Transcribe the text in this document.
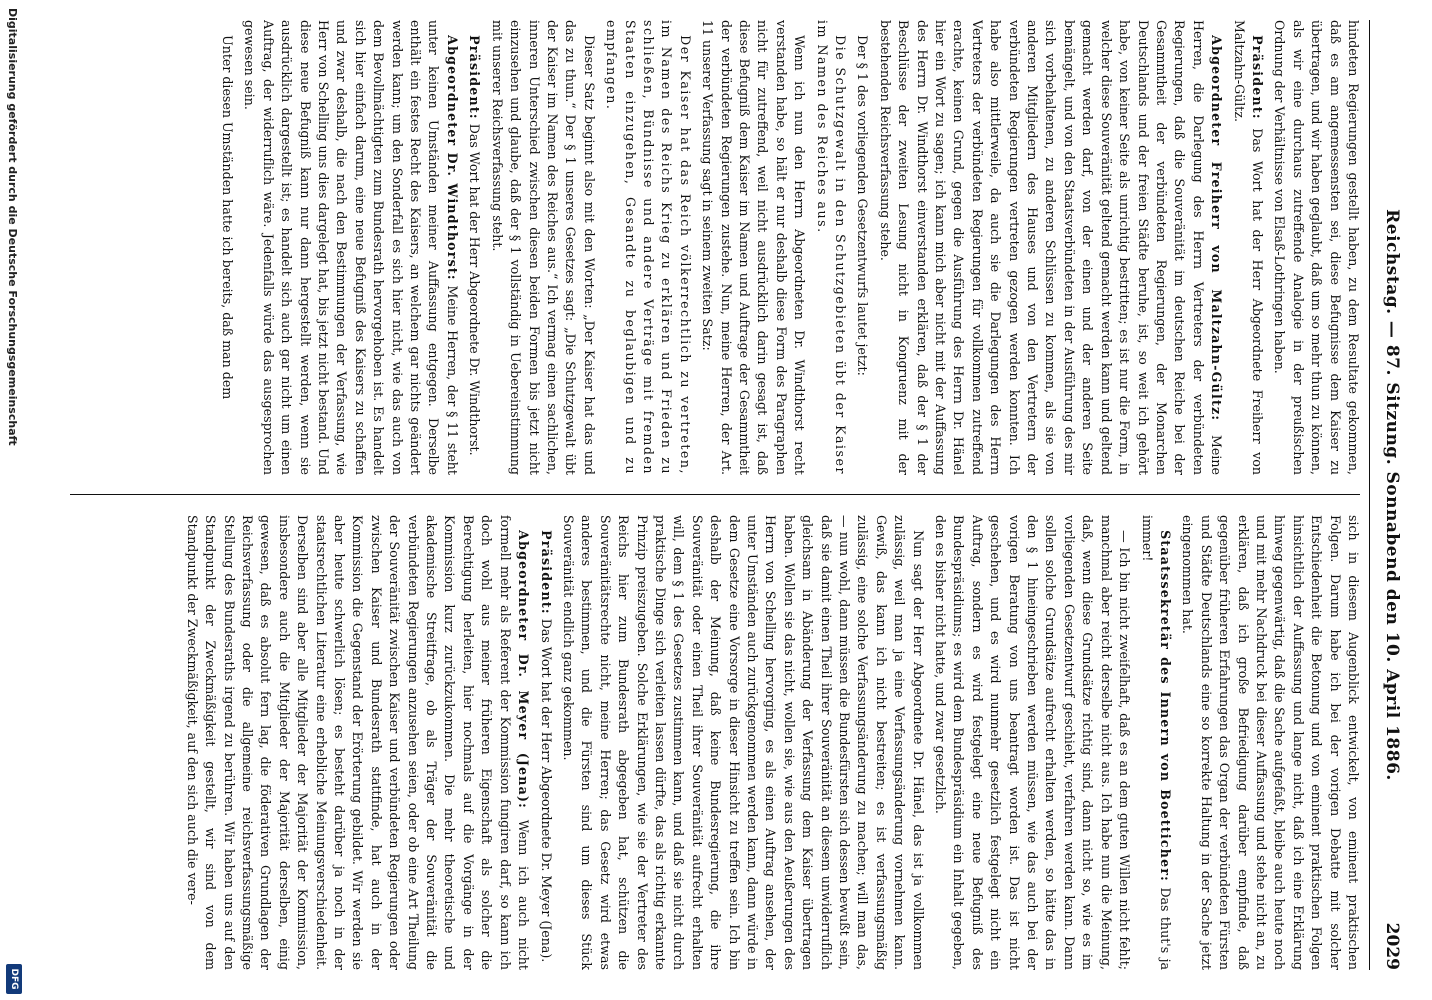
Reichstag. — 87. Sitzung. Sonnabend den 10. April 1886.
2029

hindeten Regierungen gestellt haben, zu dem Resultate gekommen, daß es am angemessensten sei, diese Befugnisse dem Kaiser zu übertragen, und wir haben geglaubt, daß um so mehr thun zu können, als wir eine durchaus zutreffende Analogie in der preußischen Ordnung der Verhältnisse von Elsaß-Lothringen haben.

Präsident: Das Wort hat der Herr Abgeordnete Freiherr von Maltzahn-Gültz.

Abgeordneter Freiherr von Maltzahn-Gültz: Meine Herren, die Darlegung des Herrn Vertreters der verbündeten Regierungen, daß die Souveränität im deutschen Reiche bei der Gesammtheit der verbündeten Regierungen, der Monarchen Deutschlands und der freien Städte beruhe, ist, so weit ich gehört habe, von keiner Seite als unrichtig bestritten; es ist nur die Form, in welcher diese Souveränität geltend gemacht werden kann und geltend gemacht werden darf, von der einen und der anderen Seite bemängelt, und von den Staatsverbündeten in der Ausführung des mir sich vorbehaltenen, zu anderen Schlüssen zu kommen, als sie von anderen Mitgliedern des Hauses und von den Vertretern der verbündeten Regierungen vertreten gezogen werden konnten. Ich habe also mittlerweile, da auch sie die Darlegungen des Herrn Vertreters der verbündeten Regierungen für vollkommen zutreffend erachte, keinen Grund, gegen die Ausführung des Herrn Dr. Hänel hier ein Wort zu sagen; ich kann mich aber nicht mit der Auffassung des Herrn Dr. Windthorst einverstanden erklären, daß der § 1 der Beschlüsse der zweiten Lesung nicht in Kongruenz mit der bestehenden Reichsverfassung stehe.

Der § 1 des vorliegenden Gesetzentwurfs lautet jetzt:

Die Schutzgewalt in den Schutzgebieten übt der Kaiser im Namen des Reiches aus.

Wenn ich nun den Herrn Abgeordneten Dr. Windthorst recht verstanden habe, so hält er nur deshalb diese Form des Paragraphen nicht für zutreffend, weil nicht ausdrücklich darin gesagt ist, daß diese Befugniß dem Kaiser im Namen und Auftrage der Gesammtheit der verbündeten Regierungen zustehe. Nun, meine Herren, der Art. 11 unserer Verfassung sagt in seinem zweiten Satz:

Der Kaiser hat das Reich völkerrechtlich zu vertreten, im Namen des Reichs Krieg zu erklären und Frieden zu schließen, Bündnisse und andere Verträge mit fremden Staaten einzugehen, Gesandte zu beglaubigen und zu empfangen.

Dieser Satz beginnt also mit den Worten: „Der Kaiser hat das und das zu thun.“ Der § 1 unseres Gesetzes sagt: „Die Schutzgewalt übt der Kaiser im Namen des Reiches aus.“ Ich vermag einen sachlichen, inneren Unterschied zwischen diesen beiden Formen bis jetzt nicht einzusehen und glaube, daß der § 1 vollständig in Uebereinstimmung mit unserer Reichsverfassung steht.

Präsident: Das Wort hat der Herr Abgeordnete Dr. Windthorst.

Abgeordneter Dr. Windthorst: Meine Herren, der § 11 steht unter keinen Umständen meiner Auffassung entgegen. Derselbe enthält ein festes Recht des Kaisers, an welchem gar nichts geändert werden kann; um den Sonderfall es sich hier nicht, wie das auch von dem Bevollmächtigten zum Bundesrath hervorgehoben ist. Es handelt sich hier einfach darum, eine neue Befugniß des Kaisers zu schaffen und zwar deshalb, die nach den Bestimmungen der Verfassung, wie Herr von Schelling uns dies dargelegt hat, bis jetzt nicht bestand. Und diese neue Befugniß kann nur dann hergestellt werden, wenn sie ausdrücklich dargestellt ist; es handelt sich auch gar nicht um einen Auftrag, der widerruflich wäre. Jedenfalls würde das ausgesprochen gewesen sein.

Unter diesen Umständen hatte ich bereits, daß man dem

sich in diesem Augenblick entwickelt, von eminent praktischen Folgen. Darum habe ich bei der vorigen Debatte mit solcher Entschiedenheit die Betonung und von eminent praktischen Folgen hinsichtlich der Auffassung und lange nicht, daß ich eine Erklärung hinweg gegenwärtig, daß die Sache aufgefaßt, bleibe auch heute noch und mit mehr Nachdruck bei dieser Auffassung und stehe nicht an, zu erklären, daß ich große Befriedigung darüber empfinde, daß gegenüber früheren Erfahrungen das Organ der verbündeten Fürsten und Städte Deutschlands eine so korrekte Haltung in der Sache jetzt eingenommen hat.

Staatssekretär des Innern von Boetticher: Das thut's ja immer!

— Ich bin nicht zweifelhaft, daß es an dem guten Willen nicht fehlt; manchmal aber reicht derselbe nicht aus. Ich habe nun die Meinung, daß, wenn diese Grundsätze richtig sind, dann nicht so, wie es im vorliegenden Gesetzentwurf geschieht, verfahren werden kann. Dann sollen solche Grundsätze aufrecht erhalten werden, so hätte das in den § 1 hineingeschrieben werden müssen, wie das auch bei der vorigen Beratung von uns beantragt worden ist. Das ist nicht geschehen, und es wird nunmehr gesetzlich festgelegt nicht ein Auftrag, sondern es wird festgelegt eine neue Befugniß des Bundespräsidiums; es wird dem Bundespräsidium ein Inhalt gegeben, den es bisher nicht hatte, und zwar gesetzlich.

Nun sagt der Herr Abgeordnete Dr. Hänel, das ist ja vollkommen zulässig, weil man ja eine Verfassungsänderung vornehmen kann. Gewiß, das kann ich nicht bestreiten; es ist verfassungsmäßig zulässig, eine solche Verfassungsänderung zu machen; will man das, — nun wohl, dann müssen die Bundesfürsten sich dessen bewußt sein, daß sie damit einen Theil ihrer Souveränität an diesem unwiderruflich gleichsam in Abänderung der Verfassung dem Kaiser übertragen haben. Wollen sie das nicht, wollen sie, wie aus den Aeußerungen des Herrn von Schelling hervorging, es als einen Auftrag ansehen, der unter Umständen auch zurückgenommen werden kann, dann würde in dem Gesetze eine Vorsorge in dieser Hinsicht zu treffen sein. Ich bin deshalb der Meinung, daß keine Bundesregierung, die ihre Souveränität oder einen Theil ihrer Souveränität aufrecht erhalten will, dem § 1 des Gesetzes zustimmen kann, und daß sie nicht durch praktische Dinge sich verleiten lassen dürfte, das als richtig erkannte Prinzip preiszugeben. Solche Erklärungen, wie sie der Vertreter des Reichs hier zum Bundesrath abgegeben hat, schützen die Souveränitätsrechte nicht, meine Herren; das Gesetz wird etwas anderes bestimmen, und die Fürsten sind um dieses Stück Souveränität endlich ganz gekommen.

Präsident: Das Wort hat der Herr Abgeordnete Dr. Meyer (Jena).

Abgeordneter Dr. Meyer (Jena): Wenn ich auch nicht formell mehr als Referent der Kommission fungiren darf, so kann ich doch wohl aus meiner früheren Eigenschaft als solcher die Berechtigung herleiten, hier nochmals auf die Vorgänge in der Kommission kurz zurückzukommen. Die mehr theoretische und akademische Streitfrage, ob als Träger der Souveränität die verbündeten Regierungen anzusehen seien, oder ob eine Art Theilung der Souveränität zwischen Kaiser und verbündeten Regierungen oder zwischen Kaiser und Bundesrath stattfinde, hat auch in der Kommission die Gegenstand der Erörterung gebildet. Wir werden sie aber heute schwerlich lösen; es besteht darüber ja noch in der staatsrechtlichen Literatur eine erhebliche Meinungsverschiedenheit. Derselben sind aber alle Mitglieder der Majorität der Kommission, insbesondere auch die Mitglieder der Majorität derselben, einig gewesen, daß es absolut fern lag, die föderativen Grundlagen der Reichsverfassung oder die allgemeine reichsverfassungsmäßige Stellung des Bundesraths irgend zu berühren. Wir haben uns auf den Standpunkt der Zweckmäßigkeit gestellt, wir sind von dem Standpunkt der Zweckmäßigkeit, auf den sich auch die vere-

Digitalisierung gefördert durch die Deutsche Forschungsgemeinschaft
DFG
